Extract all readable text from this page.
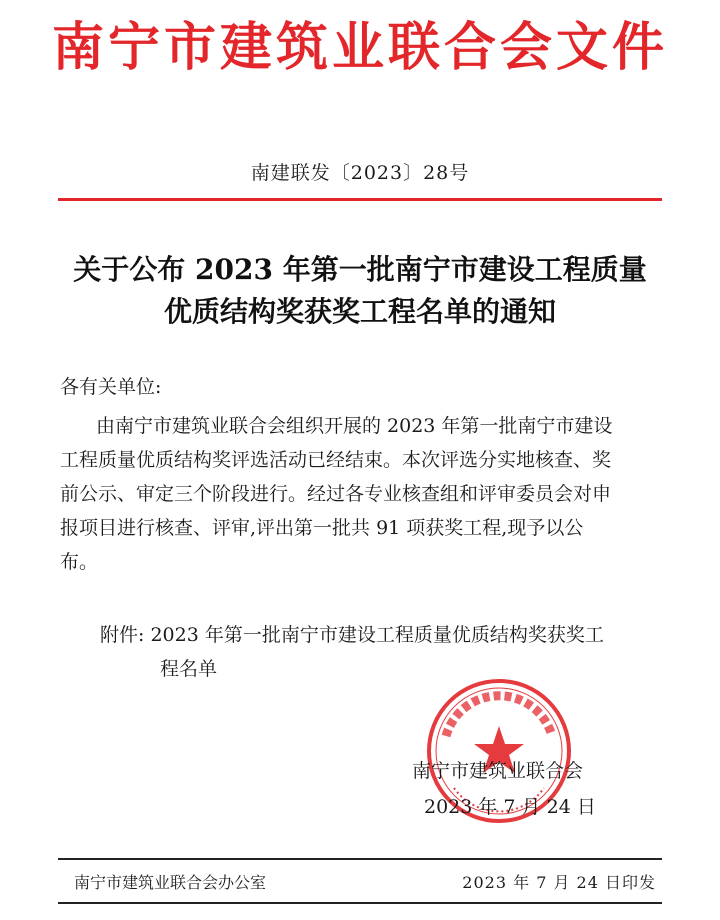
南宁市建筑业联合会文件
南建联发〔2023〕28号
关于公布 2023 年第一批南宁市建设工程质量
优质结构奖获奖工程名单的通知
各有关单位:
由南宁市建筑业联合会组织开展的 2023 年第一批南宁市建设
工程质量优质结构奖评选活动已经结束。本次评选分实地核查、奖
前公示、审定三个阶段进行。经过各专业核查组和评审委员会对申
报项目进行核查、评审,评出第一批共 91 项获奖工程,现予以公
布。
附件: 2023 年第一批南宁市建设工程质量优质结构奖获奖工
程名单
南宁市建筑业联合会
2023 年 7 月 24 日
南宁市建筑业联合会办公室	2023 年 7 月 24 日印发
